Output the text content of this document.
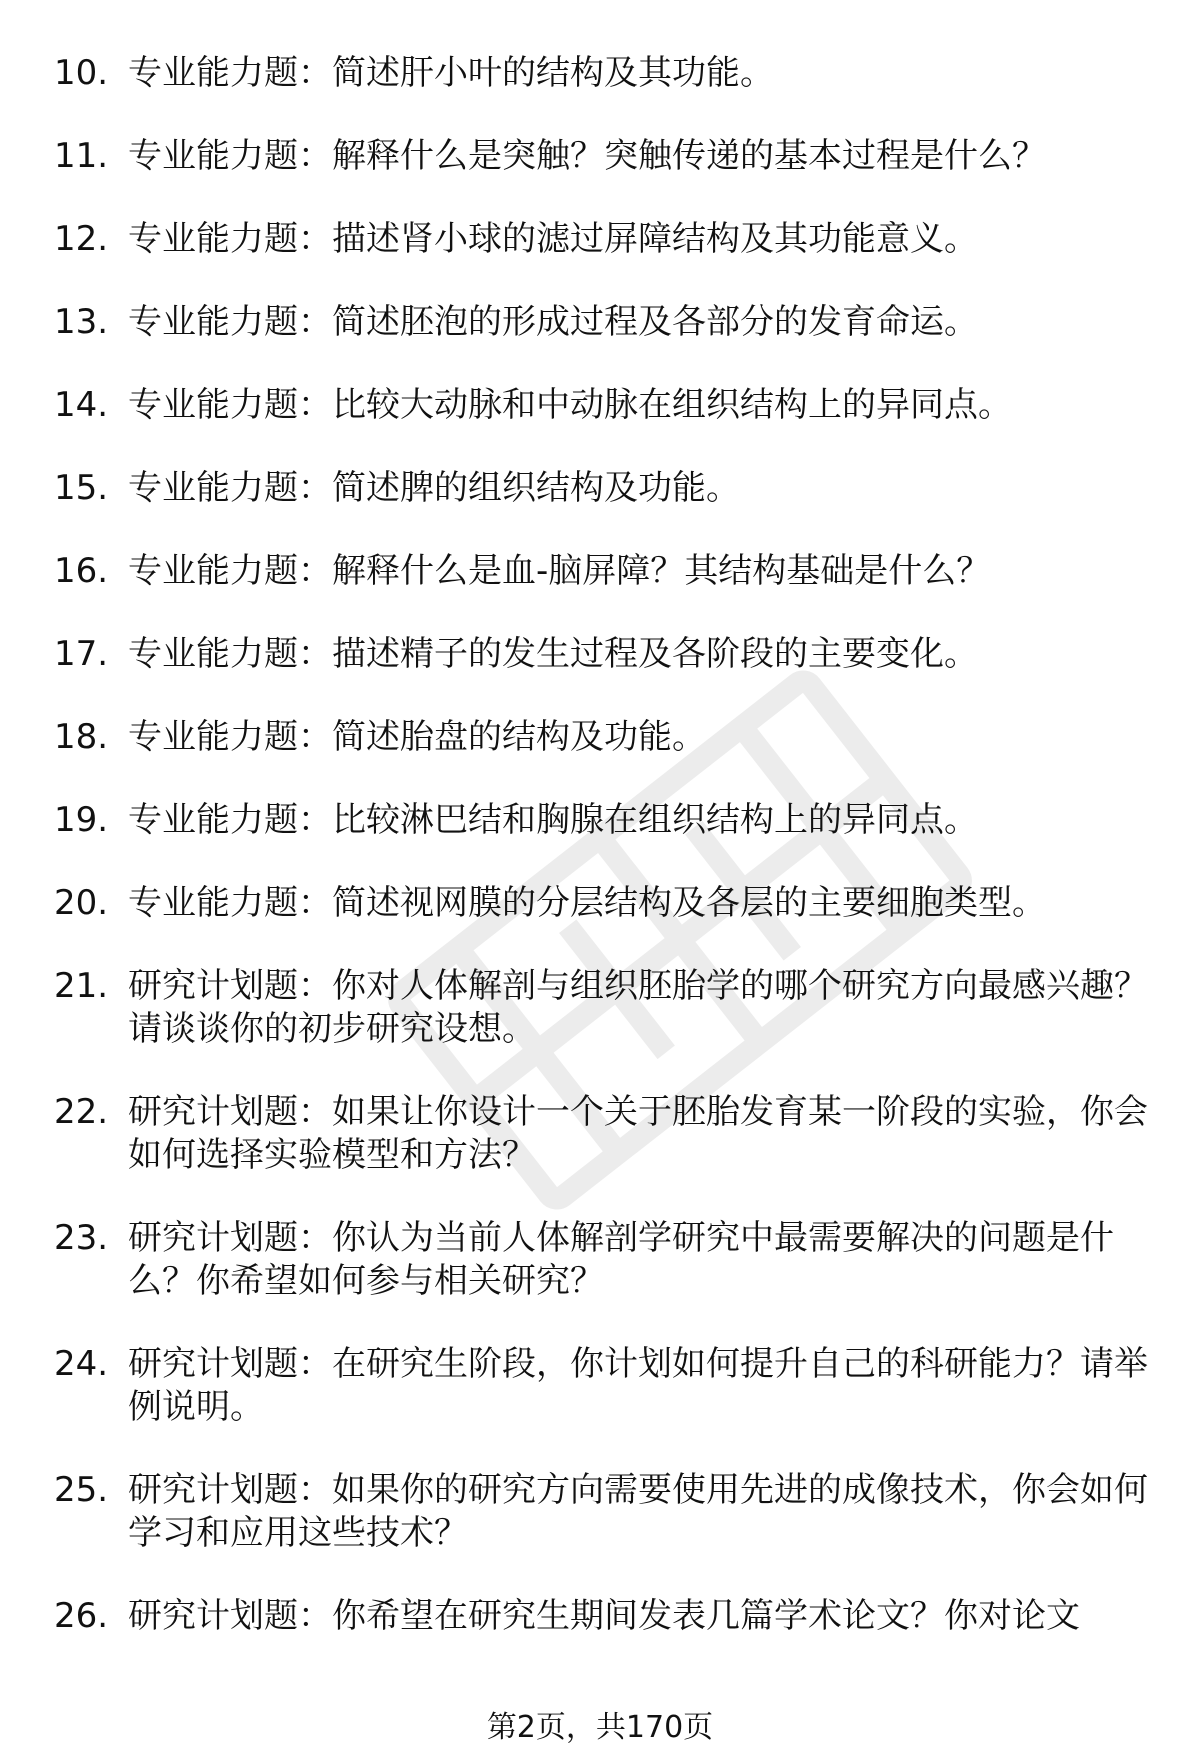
10. 专业能力题：简述肝小叶的结构及其功能。
11. 专业能力题：解释什么是突触？突触传递的基本过程是什么？
12. 专业能力题：描述肾小球的滤过屏障结构及其功能意义。
13. 专业能力题：简述胚泡的形成过程及各部分的发育命运。
14. 专业能力题：比较大动脉和中动脉在组织结构上的异同点。
15. 专业能力题：简述脾的组织结构及功能。
16. 专业能力题：解释什么是血-脑屏障？其结构基础是什么？
17. 专业能力题：描述精子的发生过程及各阶段的主要变化。
18. 专业能力题：简述胎盘的结构及功能。
19. 专业能力题：比较淋巴结和胸腺在组织结构上的异同点。
20. 专业能力题：简述视网膜的分层结构及各层的主要细胞类型。
21. 研究计划题：你对人体解剖与组织胚胎学的哪个研究方向最感兴趣？请谈谈你的初步研究设想。
22. 研究计划题：如果让你设计一个关于胚胎发育某一阶段的实验，你会如何选择实验模型和方法？
23. 研究计划题：你认为当前人体解剖学研究中最需要解决的问题是什么？你希望如何参与相关研究？
24. 研究计划题：在研究生阶段，你计划如何提升自己的科研能力？请举例说明。
25. 研究计划题：如果你的研究方向需要使用先进的成像技术，你会如何学习和应用这些技术？
26. 研究计划题：你希望在研究生期间发表几篇学术论文？你对论文
第2页，共170页
